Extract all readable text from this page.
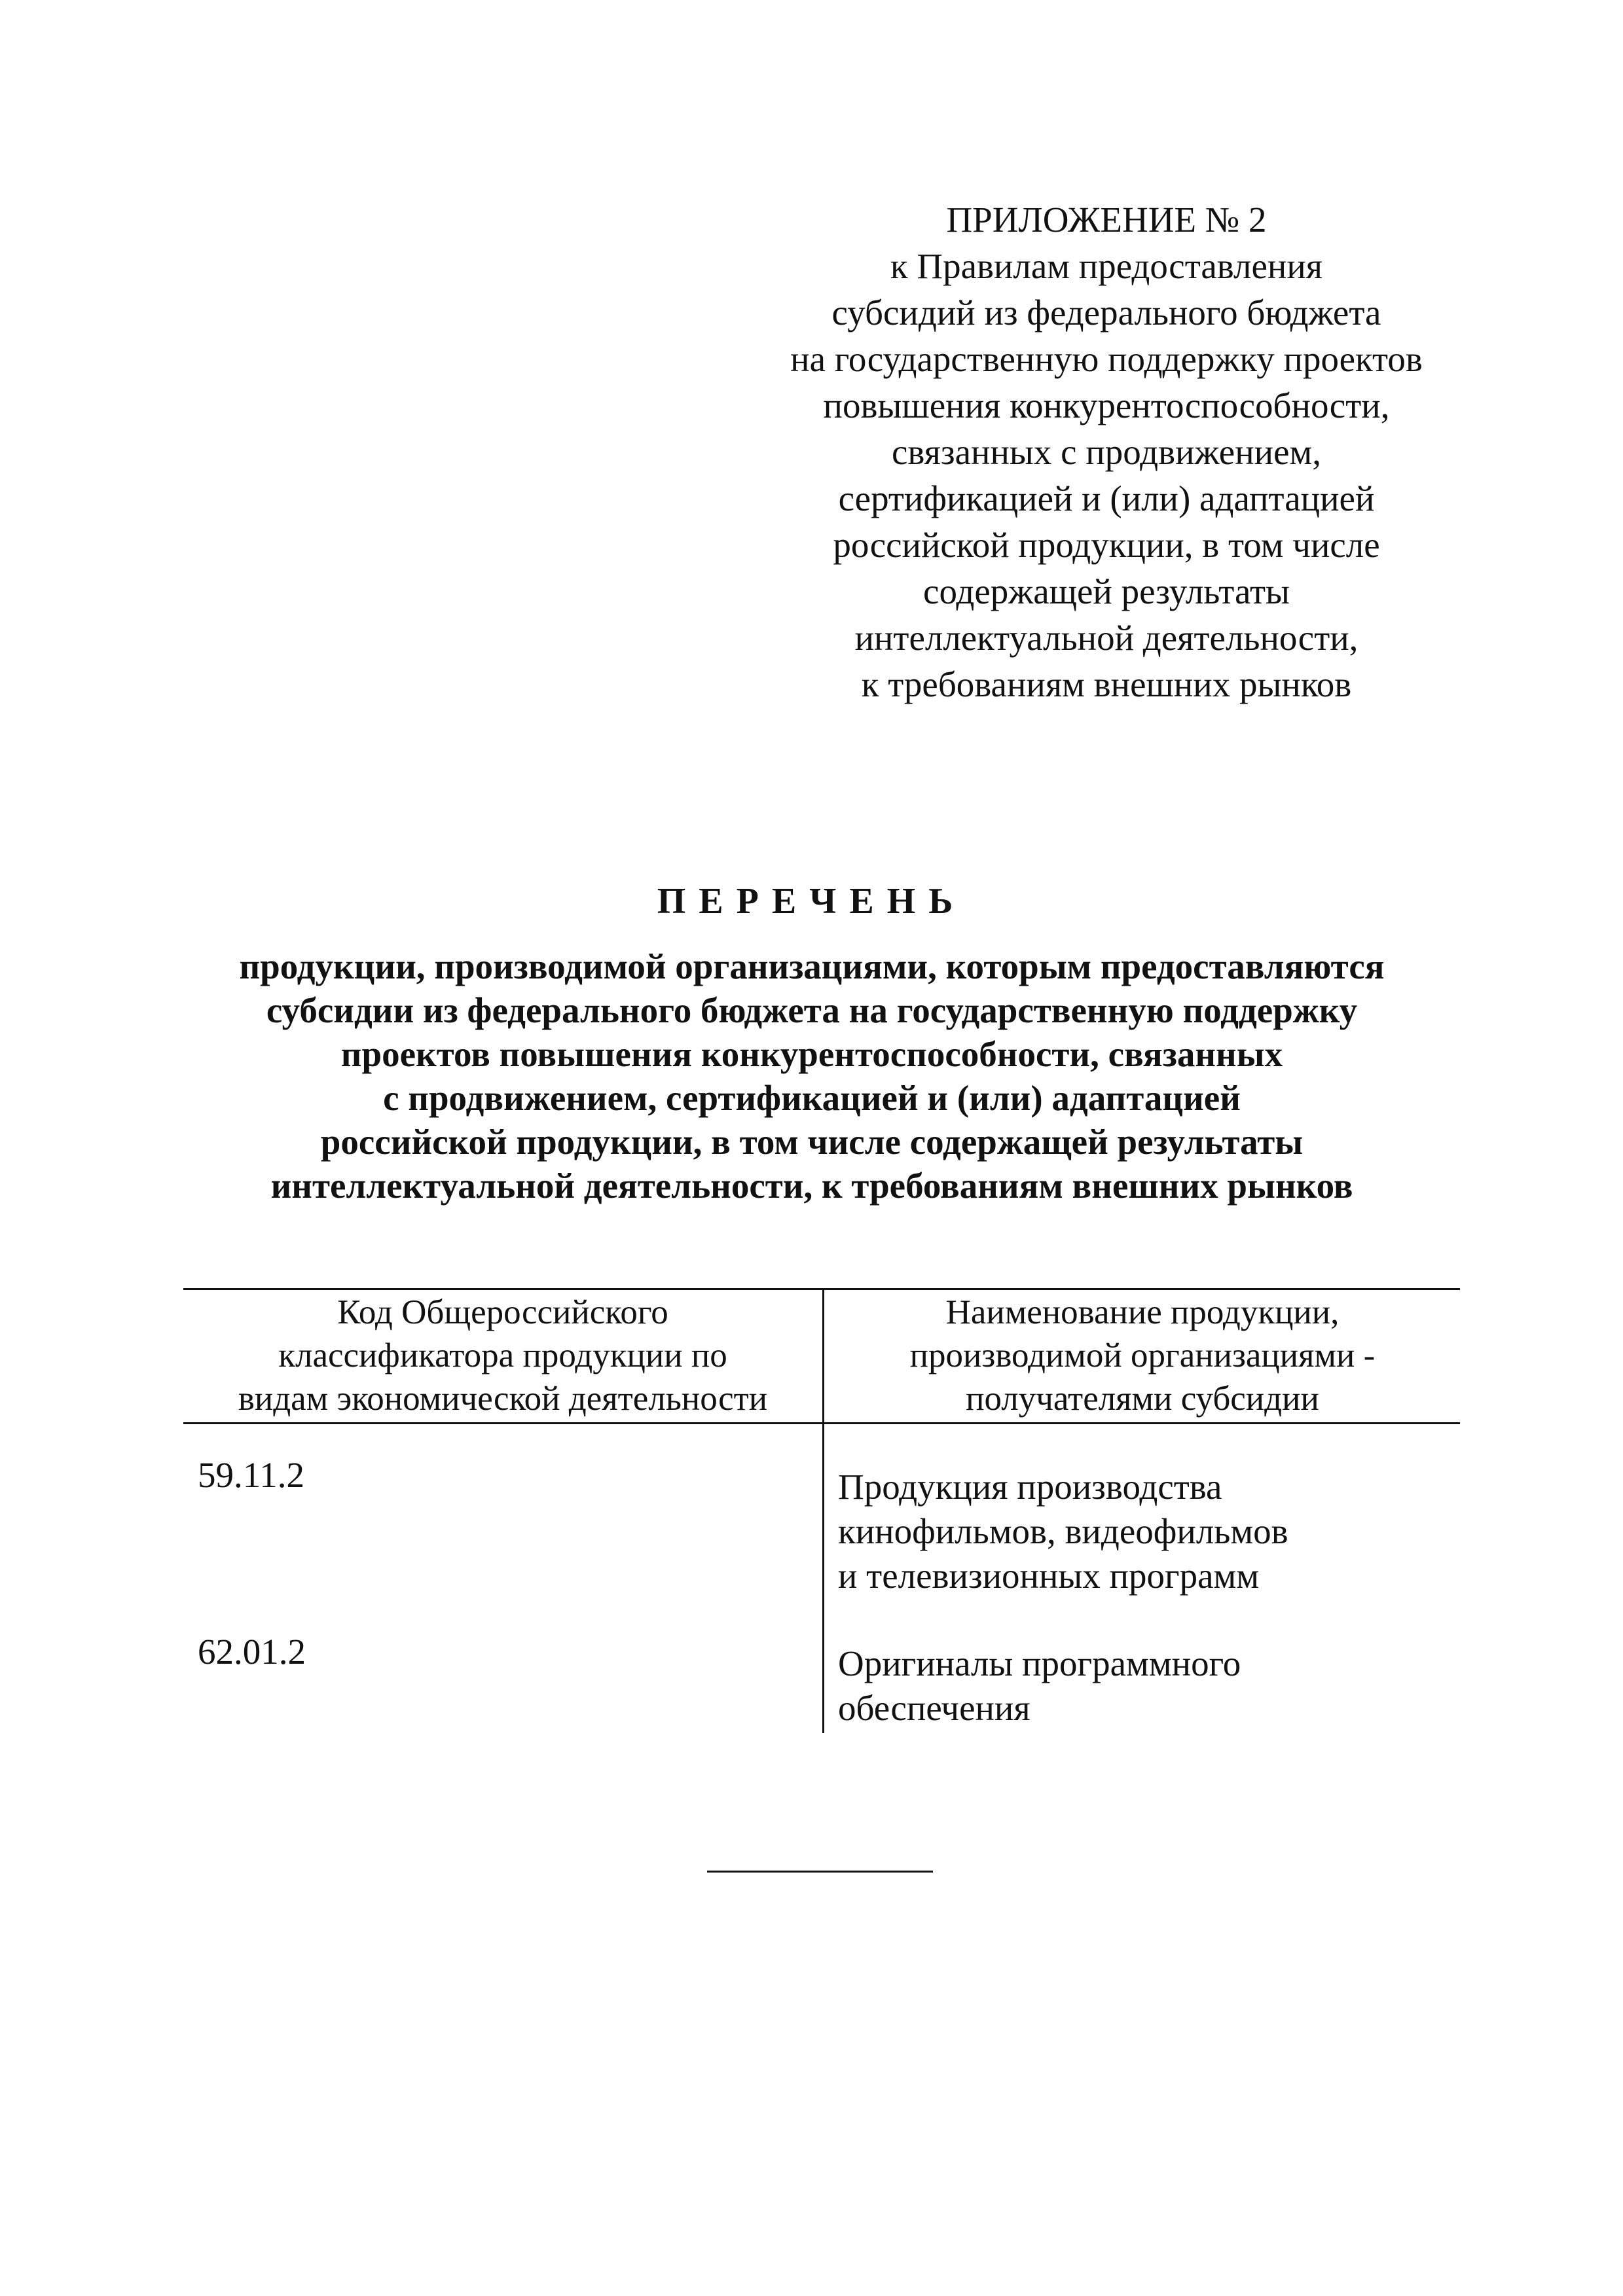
ПРИЛОЖЕНИЕ № 2
к Правилам предоставления
субсидий из федерального бюджета
на государственную поддержку проектов
повышения конкурентоспособности,
связанных с продвижением,
сертификацией и (или) адаптацией
российской продукции, в том числе
содержащей результаты
интеллектуальной деятельности,
к требованиям внешних рынков
ПЕРЕЧЕНЬ
продукции, производимой организациями, которым предоставляются
субсидии из федерального бюджета на государственную поддержку
проектов повышения конкурентоспособности, связанных
с продвижением, сертификацией и (или) адаптацией
российской продукции, в том числе содержащей результаты
интеллектуальной деятельности, к требованиям внешних рынков
Код Общероссийского
классификатора продукции по
видам экономической деятельности
Наименование продукции,
производимой организациями -
получателями субсидии
59.11.2	Продукция производства
кинофильмов, видеофильмов
и телевизионных программ
62.01.2	Оригиналы программного
обеспечения
